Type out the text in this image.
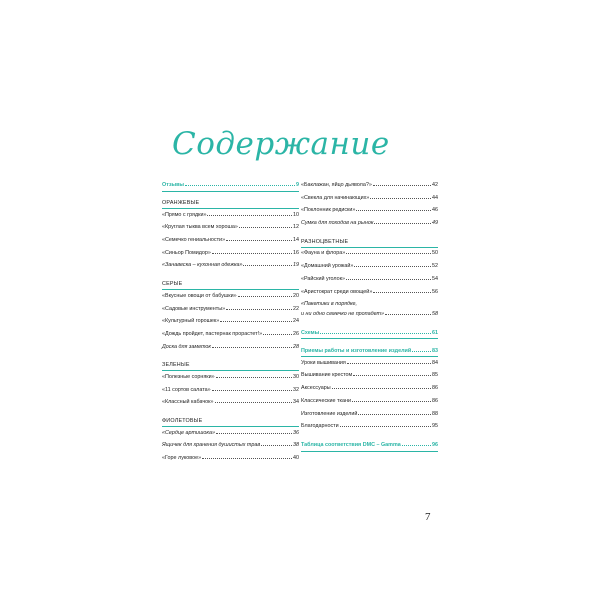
Содержание
Отзывы	9
ОРАНЖЕВЫЕ
«Прямо с грядки»	10
«Круглая тыква всем хороша»	12
«Семечко гениальности»	14
«Синьор Помидор»	16
«Занавеска – кухонная одежка»	19
СЕРЫЕ
«Вкусные овощи от бабушки»	20
«Садовые инструменты»	22
«Культурный горошек»	24
«Дождь пройдет, пастернак прорастет!»	26
Доска для заметок	28
ЗЕЛЕНЫЕ
«Полезные сорняки»	30
«11 сортов салата»	32
«Классный кабачок»	34
ФИОЛЕТОВЫЕ
«Сердце артишока»	36
Ящичек для хранения душистых трав	38
«Горе луковое»	40
«Баклажан, яйцо дьявола?»	42
«Свекла для начинающих»	44
«Поклонник редиски»	46
Сумка для походов на рынок	49
РАЗНОЦВЕТНЫЕ
«Фауна и флора»	50
«Домашний урожай»	52
«Райский уголок»	54
«Аристократ среди овощей»	56
«Пакетики в порядке,
и ни одно семечко не пропадет»	58
Схемы	61
Приемы работы и изготовление изделий	83
Уроки вышивания	84
Вышивание крестом	85
Аксессуары	86
Классические ткани	86
Изготовление изделий	88
Благодарности	95
Таблица соответствия DMC – Gamma	96
7
